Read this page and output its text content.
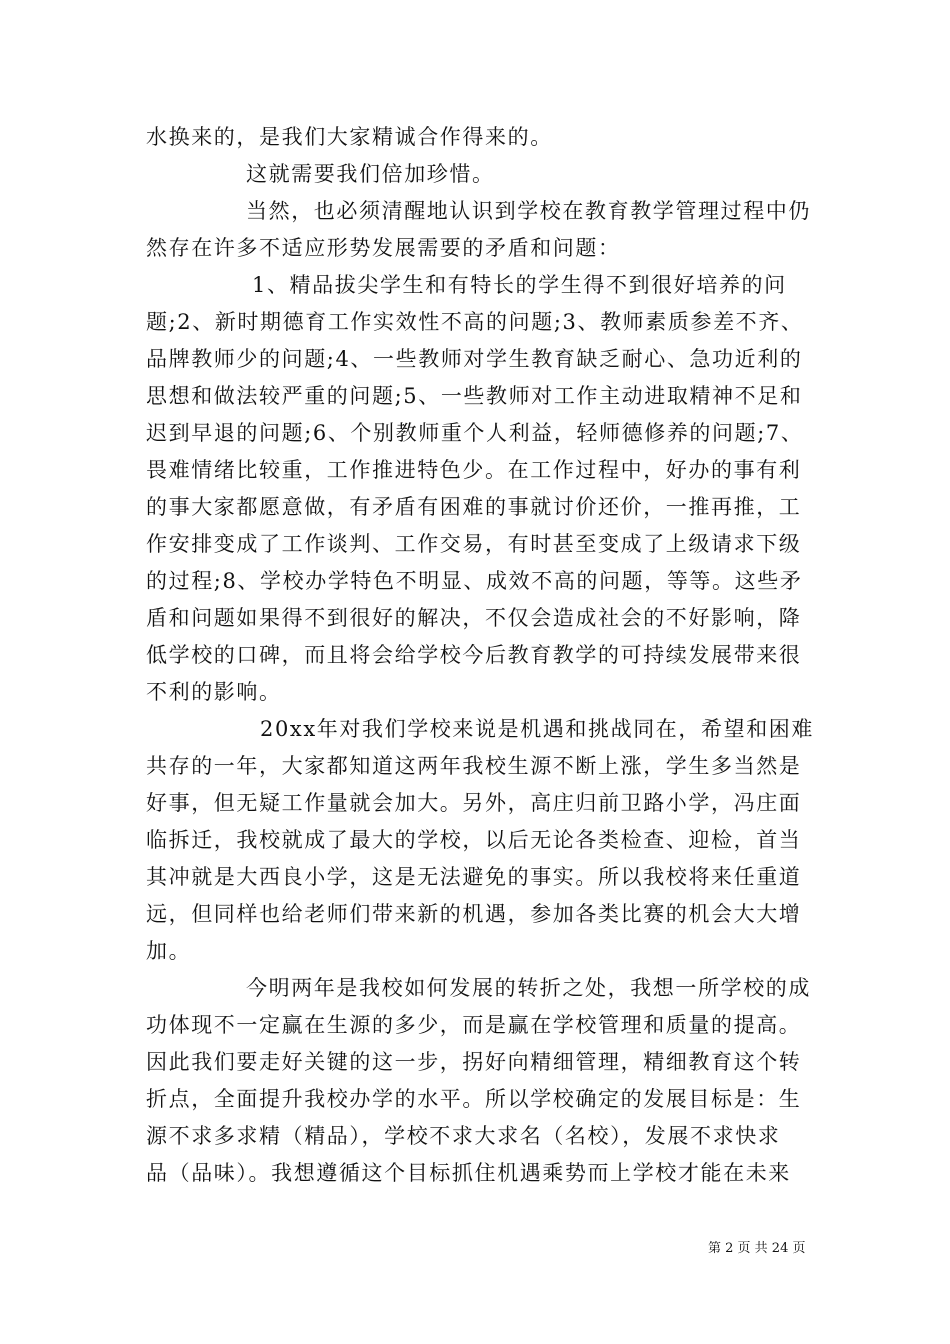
水换来的，是我们大家精诚合作得来的。
这就需要我们倍加珍惜。
当然，也必须清醒地认识到学校在教育教学管理过程中仍
然存在许多不适应形势发展需要的矛盾和问题：
1、精品拔尖学生和有特长的学生得不到很好培养的问
题;2、新时期德育工作实效性不高的问题;3、教师素质参差不齐、
品牌教师少的问题;4、一些教师对学生教育缺乏耐心、急功近利的
思想和做法较严重的问题;5、一些教师对工作主动进取精神不足和
迟到早退的问题;6、个别教师重个人利益，轻师德修养的问题;7、
畏难情绪比较重，工作推进特色少。在工作过程中，好办的事有利
的事大家都愿意做，有矛盾有困难的事就讨价还价，一推再推，工
作安排变成了工作谈判、工作交易，有时甚至变成了上级请求下级
的过程;8、学校办学特色不明显、成效不高的问题，等等。这些矛
盾和问题如果得不到很好的解决，不仅会造成社会的不好影响，降
低学校的口碑，而且将会给学校今后教育教学的可持续发展带来很
不利的影响。
20xx年对我们学校来说是机遇和挑战同在，希望和困难
共存的一年，大家都知道这两年我校生源不断上涨，学生多当然是
好事，但无疑工作量就会加大。另外，高庄归前卫路小学，冯庄面
临拆迁，我校就成了最大的学校，以后无论各类检查、迎检，首当
其冲就是大西良小学，这是无法避免的事实。所以我校将来任重道
远，但同样也给老师们带来新的机遇，参加各类比赛的机会大大增
加。
今明两年是我校如何发展的转折之处，我想一所学校的成
功体现不一定赢在生源的多少，而是赢在学校管理和质量的提高。
因此我们要走好关键的这一步，拐好向精细管理，精细教育这个转
折点，全面提升我校办学的水平。所以学校确定的发展目标是：生
源不求多求精（精品），学校不求大求名（名校），发展不求快求
品（品味）。我想遵循这个目标抓住机遇乘势而上学校才能在未来
第 2 页 共 24 页
